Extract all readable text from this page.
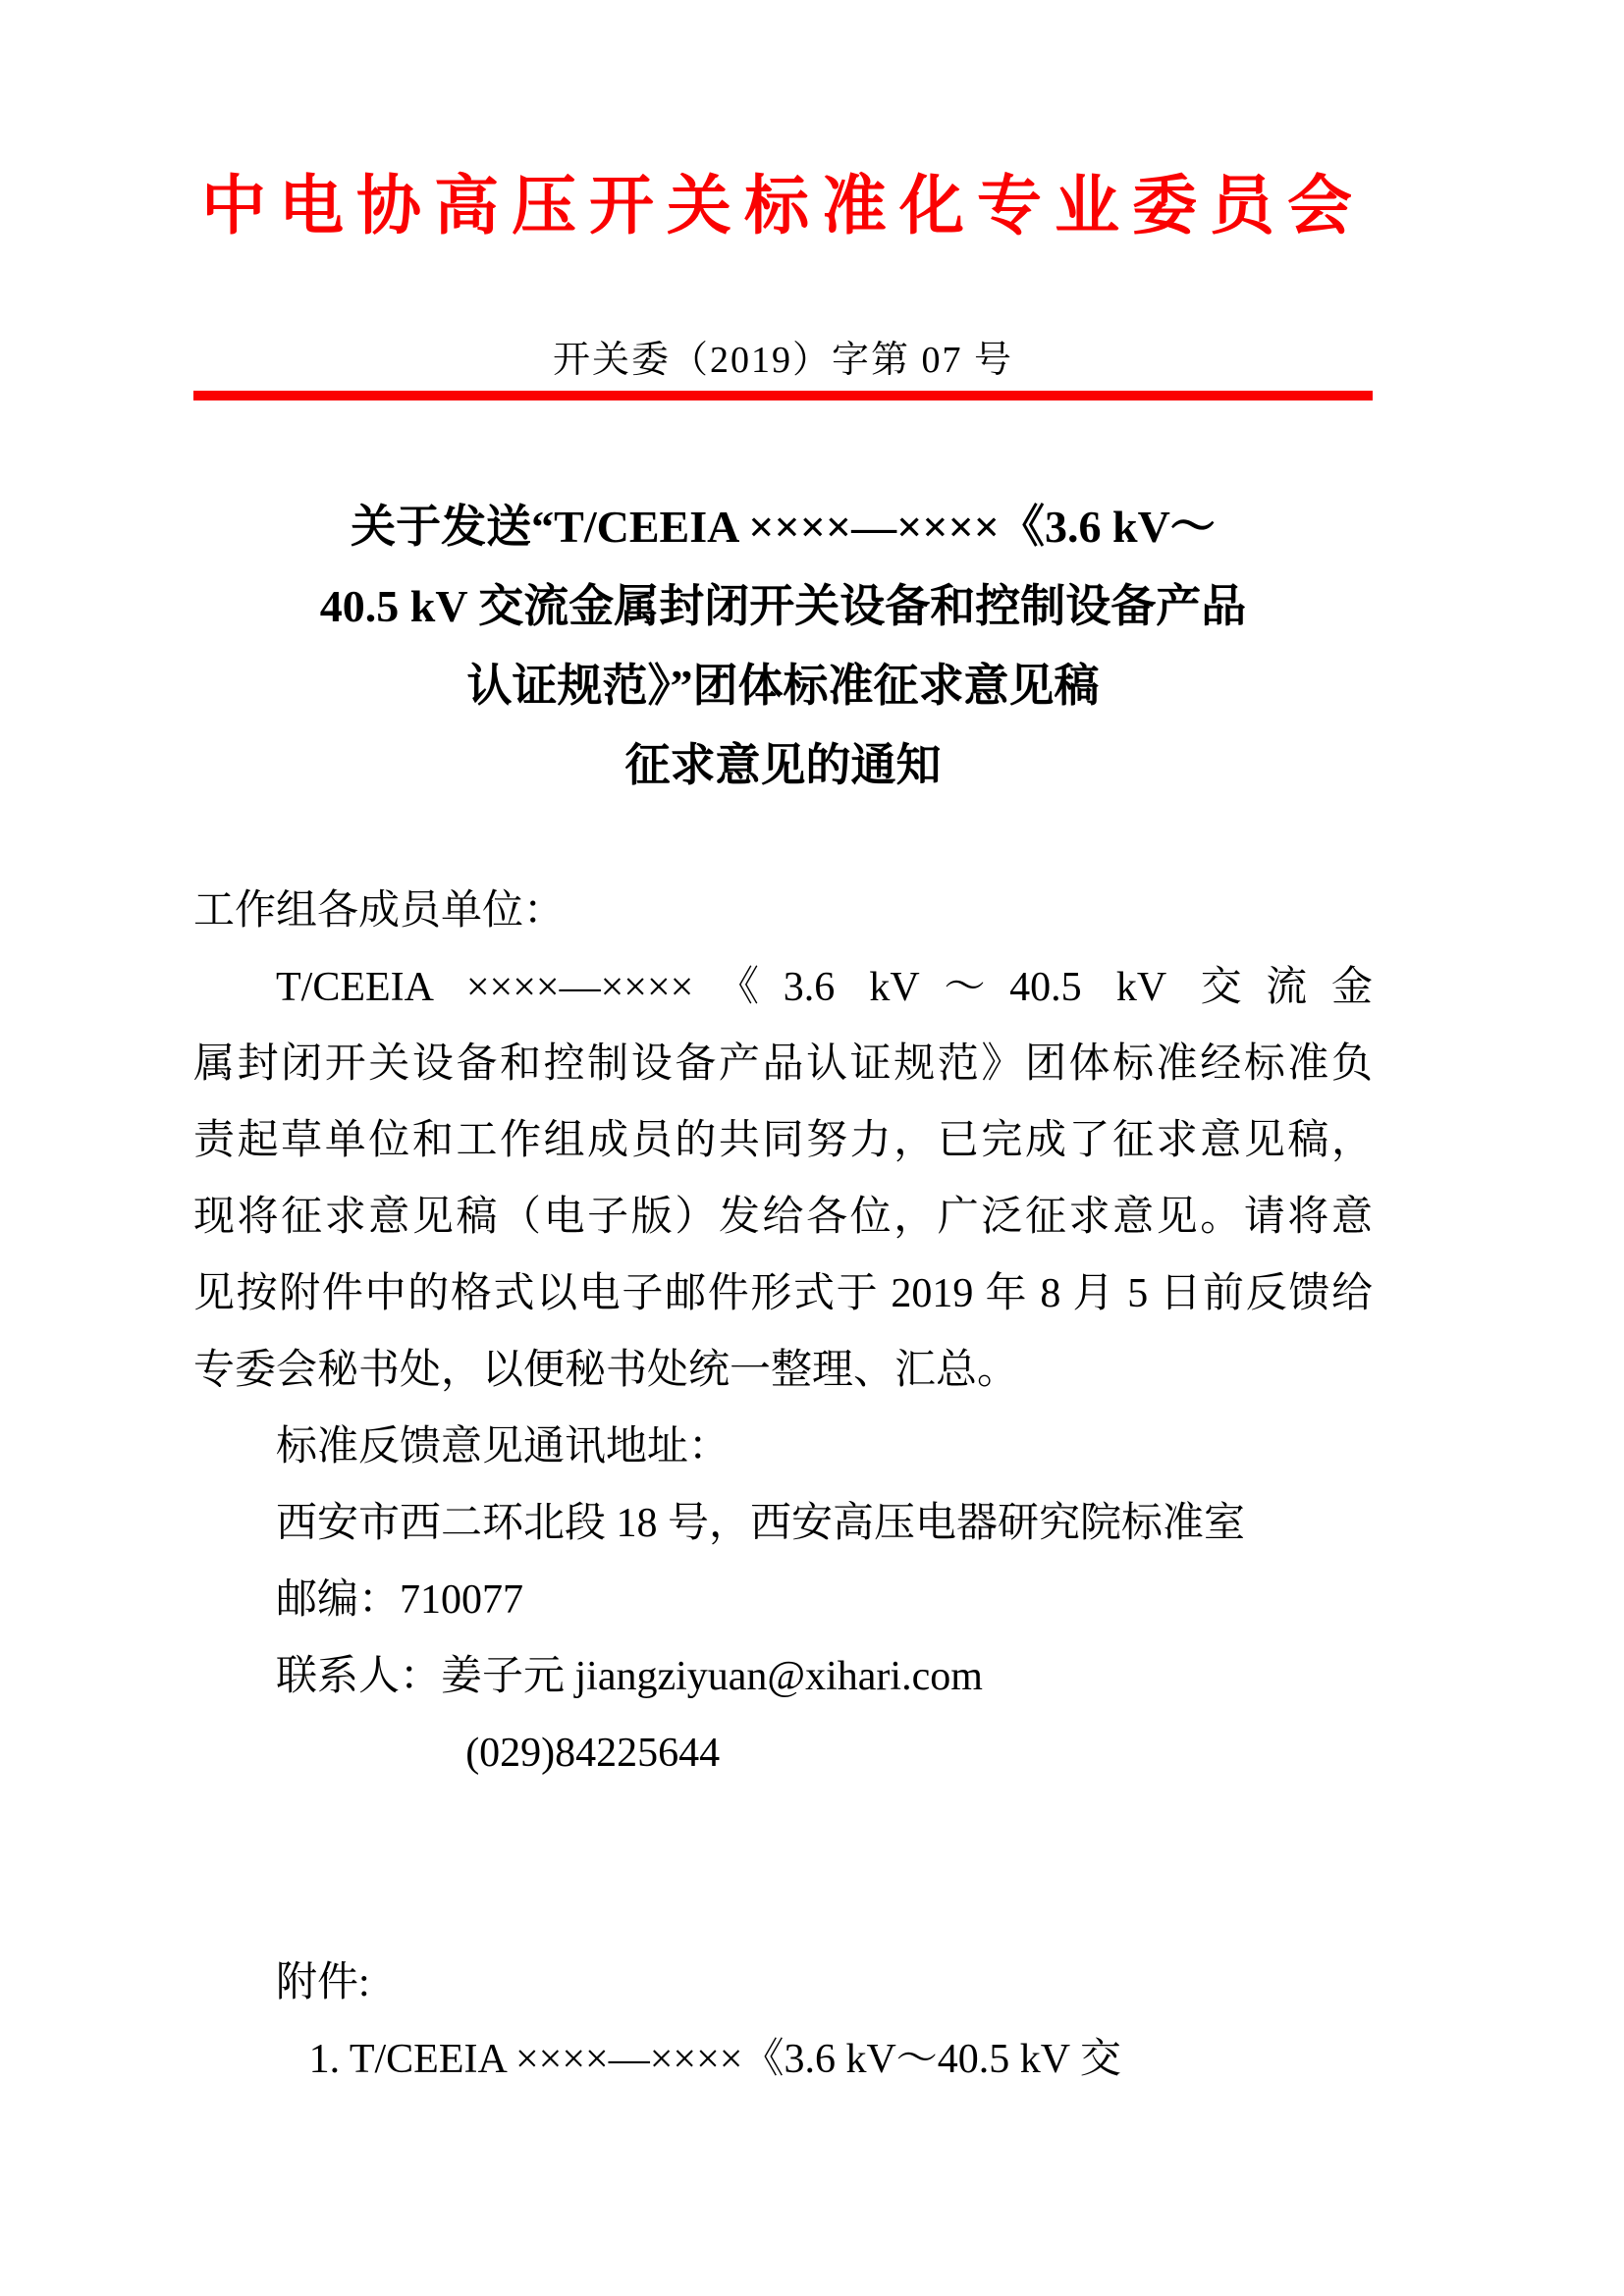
中电协高压开关标准化专业委员会
开关委（2019）字第 07 号
关于发送“T/CEEIA ××××—××××《3.6 kV～
40.5 kV 交流金属封闭开关设备和控制设备产品
认证规范》”团体标准征求意见稿
征求意见的通知
工作组各成员单位：
T/CEEIA ××××—××××《3.6 kV～40.5 kV 交流金
属封闭开关设备和控制设备产品认证规范》团体标准经标准负
责起草单位和工作组成员的共同努力，已完成了征求意见稿，
现将征求意见稿（电子版）发给各位，广泛征求意见。请将意
见按附件中的格式以电子邮件形式于 2019 年 8 月 5 日前反馈给
专委会秘书处，以便秘书处统一整理、汇总。
标准反馈意见通讯地址：
西安市西二环北段 18 号，西安高压电器研究院标准室
邮编：710077
联系人：姜子元 jiangziyuan@xihari.com
(029)84225644
附件:
1. T/CEEIA ××××—××××《3.6 kV～40.5 kV 交
